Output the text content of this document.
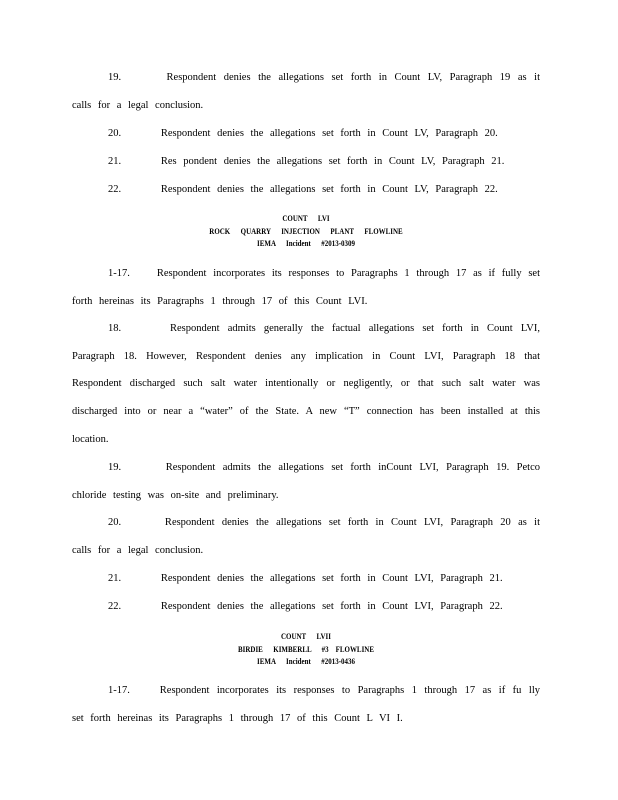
19.      Respondent denies the allegations set forth in Count LV, Paragraph 19 as it calls for a legal conclusion.

20.      Respondent denies the allegations set forth in Count LV, Paragraph 20.

21.      Res pondent denies the allegations set forth in Count LV, Paragraph 21.

22.      Respondent denies the allegations set forth in Count LV, Paragraph 22.

COUNT      LVI
ROCK      QUARRY      INJECTION      PLANT      FLOWLINE
IEMA      Incident      #2013-0309

1-17.    Respondent incorporates its responses to Paragraphs 1 through 17 as if fully set forth hereinas its Paragraphs 1 through 17 of this Count LVI.

18.      Respondent admits generally the factual allegations set forth in Count LVI, Paragraph 18. However, Respondent denies any implication in Count LVI, Paragraph 18 that Respondent discharged such salt water intentionally or negligently, or that such salt water was discharged into or near a “water” of the State. A new “T” connection has been installed at this location.

19.      Respondent admits the allegations set forth inCount LVI, Paragraph 19. Petco chloride testing was on-site and preliminary.

20.      Respondent denies the allegations set forth in Count LVI, Paragraph 20 as it calls for a legal conclusion.

21.      Respondent denies the allegations set forth in Count LVI, Paragraph 21.

22.      Respondent denies the allegations set forth in Count LVI, Paragraph 22.

COUNT      LVII
BIRDIE      KIMBERLL      #3    FLOWLINE
IEMA      Incident      #2013-0436

1-17.    Respondent incorporates its responses to Paragraphs 1 through 17 as if fu lly set forth hereinas its Paragraphs 1 through 17 of this Count L VI I.
